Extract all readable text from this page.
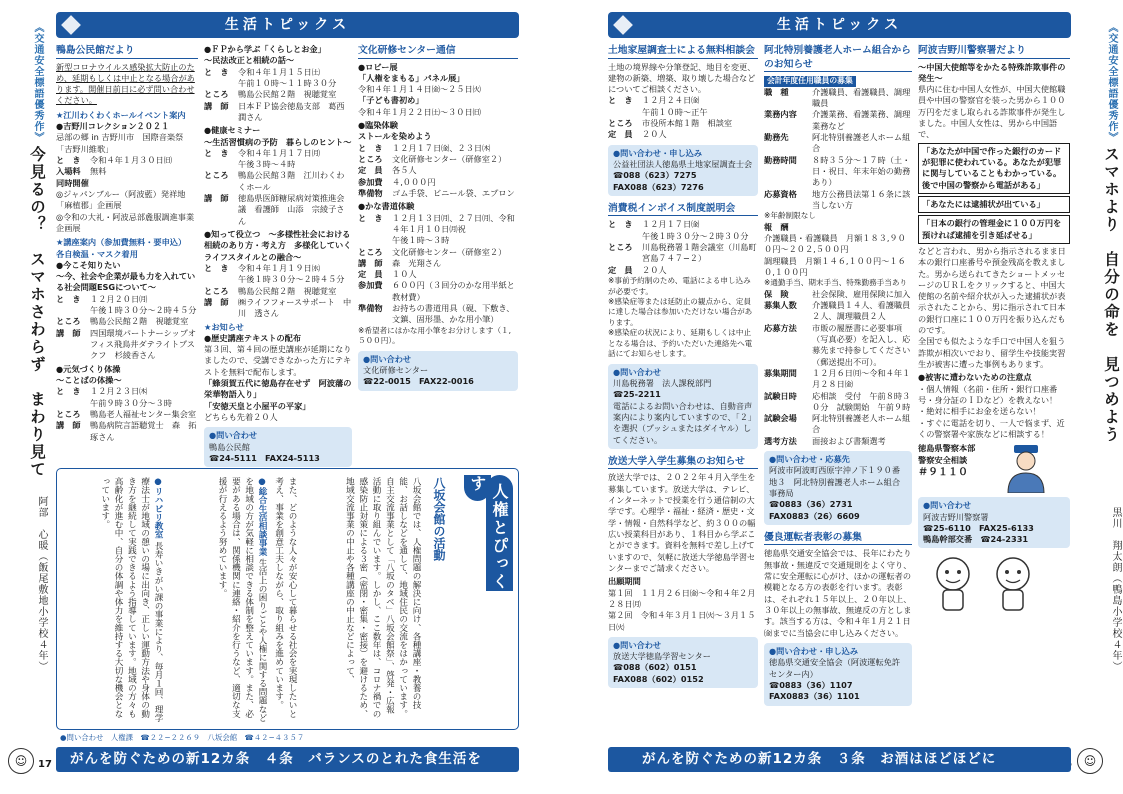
《交通安全標語優秀作》 今見るの？　スマホさわらず　まわり見て
阿部　心暖（飯尾敷地小学校４年）
生活トピックス
鴨島公民館だより
新型コロナウイルス感染拡大防止のため、延期もしくは中止となる場合があります。開催日前日に必ず問い合わせください。
★江川わくわくホールイベント案内
●吉野川コレクション２０２１
忌部の郷 in 吉野川市　国際音楽祭「吉野川維歌」
と　き	令和４年１月３０日㈰
入場料	無料
同時開催
◎ジャパンブルー（阿波藍）発祥地「麻植郡」企画展
◎令和の大礼・阿波忌部麁服調進事業企画展
★講座案内（参加費無料・要申込）
各自検温・マスク着用
●今こそ知りたい
〜今、社会や企業が最も力を入れている社会問題ESGについて〜
と　き	１２月２０日㈪
午後１時３０分〜２時４５分
ところ	鴨島公民館２階　視聴覚室
講　師	四国環境パートナーシップオフィス飛鳥井ダテライトプスクフ　杉綾香さん
●元気づくり体操
〜ことばの体操〜
と　き	１２月２３日㈭
午前９時３０分〜３時
ところ	鴨島老人福祉センター集会室
講　師	鴨島病院言語聴覚士　森　拓琢さん
●ＦＰから学ぶ「くらしとお金」
〜民法改正と相続の話〜
と　き	令和４年１月１５日㈯
午前１０時〜１１時３０分
ところ	鴨島公民館２階　視聴覚室
講　師	日本ＦＰ協会徳島支部　葛西　潤さん
●健康セミナー
〜生活習慣病の予防　暮らしのヒント〜
と　き	令和４年１月１７日㈪
午後３時〜４時
ところ	鴨島公民館３階　江川わくわくホール
講　師	徳島県医師糖尿病対策推進会議　看護師　山添　宗綾子さん
●知って役立つ　〜多様性社会における相続のあり方・考え方　多様化していくライフスタイルとの融合〜
と　き	令和４年１月１９日㈬
午後１時３０分〜２時４５分
ところ	鴨島公民館２階　視聴覚室
講　師	㈱ライフフォースサポート　中川　透さん
★お知らせ
●歴史講座テキストの配布
第３回、第４回の歴史講座が延期になりましたので、受講できなかった方にテキストを無料で配布します。
「蜂須賀五代に徳島存在せず　阿波藩の栄華物語入り」
「安徳天皇と小屋平の平家」
どちらも先着２０人
●問い合わせ
鴨島公民館
☎24-5111　FAX24-5113
文化研修センター通信
●ロビー展
「人権をまもる」パネル展」
令和４年１月１４日㈮〜２５日㈫
「子ども書初め」
令和４年１月２２日㈯〜３０日㈰
●臨染体験
ストールを染めよう
と　き	１２月１７日㈮、２３日㈭
ところ	文化研修センター（研修室２）
定　員	各５人
参加費	４,０００円
準備物	ゴム手袋、ビニール袋、エプロン
●かな書道体験
と　き	１２月１３日㈪、２７日㈪、令和４年１月１０日㈪祝
午後１時〜３時
ところ	文化研修センター（研修室２）
講　師	森　光翔さん
定　員	１０人
参加費	６００円（３回分のかな用半紙と教材費）
準備物	お持ちの書道用具（硯、下敷き、文鎮、固形墨、かな用小筆）
※希望者にはかな用小筆をお分けします（１,５００円）。
●問い合わせ
文化研修センター
☎22-0015　FAX22-0016
人権とぴっくす
八坂会館の活動
八坂会館では、人権問題の解決に向け、各種講座・教養の技能、お話しなどを通して、地域住民の交流をはかっています。自主交流事業として「八坂のタベ」八坂会館祭」、啓発・広報活動に取り組んでいます。しかし、ここ数年は、コロナ禍での感染防止対策による３密（密閉・密集・密接）を避けるため、地域交流事業の中止や各種講座の中止などによって、
また、どのような人々が安心して暮らせる社会を実現したいと考え、事業を創意工夫しながら、取り組みを進めています。
●総合生活相談事業 生活上の困りごとや人権に関する問題などを地域の方が気軽に相談できる体制を整えています。また、必要がある場合は、関係機関に連絡・紹介を行うなど、適切な支援が行えるよう努めています。
●リハビリ教室 長寿いきがい課の事業により、毎月１回、理学療法士が地域の憩いの場に出向き、正しい運動方法や身体の動き方を継続して実践できるよう指導しています。地域の方々も高齢化が進む中、自分の体調や体力を維持する大切な機会となっています。
●問い合わせ　 人権課　☎２２−２２６９　 八坂会館　☎４２−４３５７
☺	17	がんを防ぐための新12カ条　４条　バランスのとれた食生活を
《交通安全標語優秀作》 スマホより　自分の命を　見つめよう
黒川　翔太朗（鴨島小学校４年）
生活トピックス
土地家屋調査士による無料相談会
土地の境界線や分筆登記、地目を変更、建物の新築、増築、取り壊した場合などについてご相談ください。
と　き	１２月２４日㈮
午前１０時〜正午
ところ	市役所本館１階　相談室
定　員	２０人
●問い合わせ・申し込み
公益社団法人徳島県土地家屋調査士会
☎088（623）7275
FAX088（623）7276
消費税インボイス制度説明会
と　き	１２月１７日㈮
午後１時３０分〜２時３０分
ところ	川島税務署１階会議室（川島町宮島７４７−２）
定　員	２０人
※事前予約制のため、電話による申し込みが必要です。
※感染症等または延防止の観点から、定員に達した場合は参加いただけない場合があります。
※感染症の状況により、延期もしくは中止となる場合は、予約いただいた連絡先へ電話にてお知らせします。
●問い合わせ
川島税務署　法人課税部門
☎25-2211
電話によるお問い合わせは、自動音声案内により案内していますので、「２」を選択（プッシュまたはダイヤル）してください。
放送大学入学生募集のお知らせ
放送大学では、２０２２年４月入学生を募集しています。放送大学は、テレビ、インターネットで授業を行う通信制の大学です。心理学・福祉・経済・歴史・文学・情報・自然科学など、約３００の幅広い授業科目があり、１科目から学ぶことができます。資料を無料で差し上げていますので、気軽に放送大学徳島学習センターまでご請求ください。
出願期間
第１回　１１月２６日㈮〜令和４年２月２８日㈪
第２回　令和４年３月１日㈫〜３月１５日㈫
●問い合わせ
放送大学徳島学習センター
☎088（602）0151
FAX088（602）0152
阿北特別養護老人ホーム組合からのお知らせ
会計年度任用職員の募集
職　種	介護職員、看護職員、調理職員
業務内容	介護業務、看護業務、調理業務など
勤務先	阿北特別養護老人ホーム組合
勤務時間	８時３５分〜１７時（土・日・祝日、年末年始の勤務あり）
応募資格	地方公務員法第１６条に該当しない方
※年齢制限なし
報　酬
介護職員・看護職員　月額１８３,９００円〜２０２,５００円
調理職員　月額１４６,１００円〜１６０,１００円
※通勤手当、期末手当、特殊勤務手当あり
保　険	社会保険、雇用保険に加入
募集人数	介護職員１４人、看護職員２人、調理職員２人
応募方法	市販の履歴書に必要事項（写真必要）を記入し、応募先まで持参してください（郵送提出不可）。
募集期間	１２月６日㈪〜令和４年１月２８日㈮
試験日時	応相談　受付　午前８時３０分　試験開始　午前９時
試験会場	阿北特別養護老人ホーム組合
選考方法	面接および書類選考
●問い合わせ・応募先
阿波市阿波町西原字沖ノ下１９０番地３　阿北特別養護老人ホーム組合　事務局
☎0883（36）2731
FAX0883（26）6609
優良運転者表彰の募集
徳島県交通安全協会では、長年にわたり無事故・無違反で交通規則をよく守り、常に安全運転に心がけ、ほかの運転者の模範となる方の表彰を行います。表彰は、それぞれ１５年以上、２０年以上、３０年以上の無事故、無違反の方とします。該当する方は、令和４年１月２１日㈮までに当協会に申し込みください。
●問い合わせ・申し込み
徳島県交通安全協会（阿波運転免許センター内）
☎0883（36）1107
FAX0883（36）1101
阿波吉野川警察署だより
〜中国大使館等をかたる特殊詐欺事件の発生〜
県内に住む中国人女性が、中国大使館職員や中国の警察官を装った男から１００万円をだまし取られる詐欺事件が発生しました。中国人女性は、男から中国語で、
「あなたが中国で作った銀行のカードが犯罪に使われている。あなたが犯罪に関与していることもわかっている。後で中国の警察から電話がある」
「あなたには逮捕状が出ている」
「日本の銀行の管理金に１００万円を預ければ逮捕を引き延ばせる」
などと言われ、男から指示されるまま日本の銀行口座番号や預金残高を教えました。男から送られてきたショートメッセージのＵＲＬをクリックすると、中国大使館の名前や紹介状が入った逮捕状が表示されたことから、男に指示されて日本の銀行口座に１００万円を振り込んだものです。
全国でも似たような手口で中国人を狙う詐欺が相次いでおり、留学生や技能実習生が被害に遭った事例もあります。
●被害に遭わないための注意点
・個人情報（名前・住所・銀行口座番号・身分証のＩＤなど）を教えない！
・絶対に相手にお金を送らない！
・すぐに電話を切り、一人で悩まず、近くの警察署や家族などに相談する！
徳島県警察本部
警察安全相談
＃９１１０
●問い合わせ
阿波吉野川警察署
☎25-6110　FAX25-6133
鴨島幹部交番　☎24-2331
☺
がんを防ぐための新12カ条　３条　お酒はほどほどに
